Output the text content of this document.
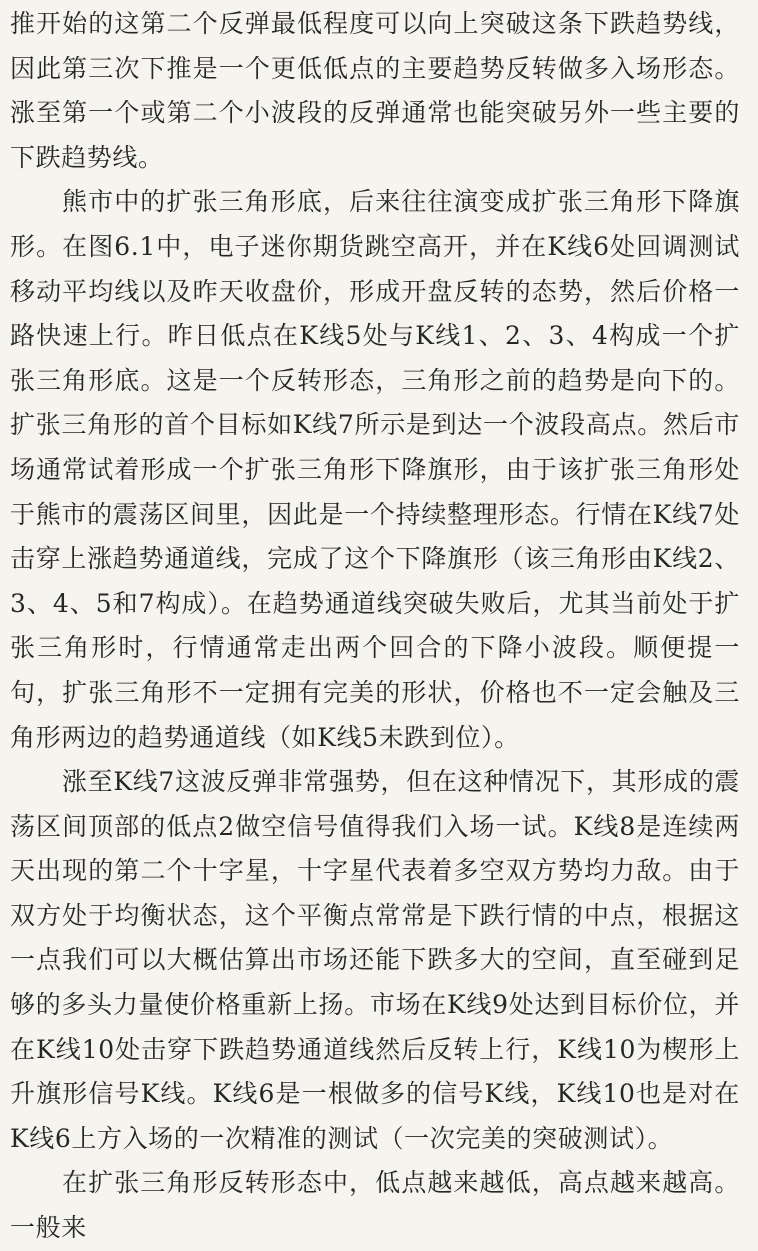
推开始的这第二个反弹最低程度可以向上突破这条下跌趋势线，因此第三次下推是一个更低低点的主要趋势反转做多入场形态。涨至第一个或第二个小波段的反弹通常也能突破另外一些主要的下跌趋势线。

熊市中的扩张三角形底，后来往往演变成扩张三角形下降旗形。在图6.1中，电子迷你期货跳空高开，并在K线6处回调测试移动平均线以及昨天收盘价，形成开盘反转的态势，然后价格一路快速上行。昨日低点在K线5处与K线1、2、3、4构成一个扩张三角形底。这是一个反转形态，三角形之前的趋势是向下的。扩张三角形的首个目标如K线7所示是到达一个波段高点。然后市场通常试着形成一个扩张三角形下降旗形，由于该扩张三角形处于熊市的震荡区间里，因此是一个持续整理形态。行情在K线7处击穿上涨趋势通道线，完成了这个下降旗形（该三角形由K线2、3、4、5和7构成）。在趋势通道线突破失败后，尤其当前处于扩张三角形时，行情通常走出两个回合的下降小波段。顺便提一句，扩张三角形不一定拥有完美的形状，价格也不一定会触及三角形两边的趋势通道线（如K线5未跌到位）。

涨至K线7这波反弹非常强势，但在这种情况下，其形成的震荡区间顶部的低点2做空信号值得我们入场一试。K线8是连续两天出现的第二个十字星，十字星代表着多空双方势均力敌。由于双方处于均衡状态，这个平衡点常常是下跌行情的中点，根据这一点我们可以大概估算出市场还能下跌多大的空间，直至碰到足够的多头力量使价格重新上扬。市场在K线9处达到目标价位，并在K线10处击穿下跌趋势通道线然后反转上行，K线10为楔形上升旗形信号K线。K线6是一根做多的信号K线，K线10也是对在K线6上方入场的一次精准的测试（一次完美的突破测试）。

在扩张三角形反转形态中，低点越来越低，高点越来越高。一般来
